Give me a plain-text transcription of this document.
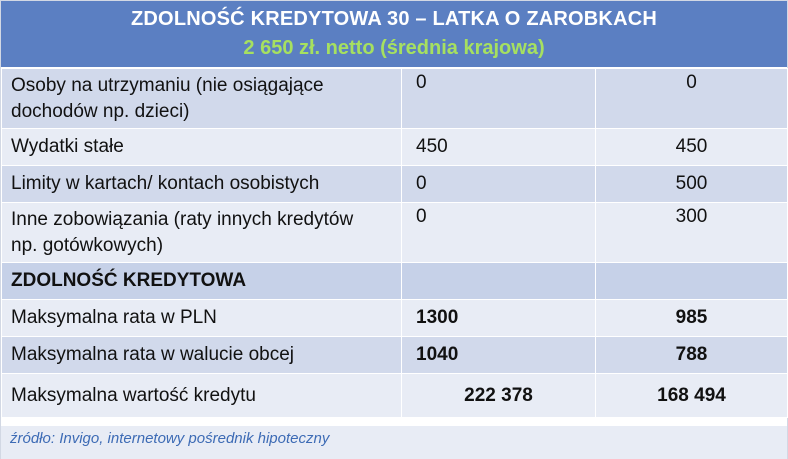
ZDOLNOŚĆ KREDYTOWA 30 – LATKA O ZAROBKACH
2 650 zł. netto (średnia krajowa)
Osoby na utrzymaniu (nie osiągające
dochodów np. dzieci)	0	0
Wydatki stałe	450	450
Limity w kartach/ kontach osobistych	0	500

Inne zobowiązania (raty innych kredytów
np. gotówkowych)	0	300
ZDOLNOŚĆ KREDYTOWA		
Maksymalna rata w PLN	1300	985
Maksymalna rata w walucie obcej	1040	788
Maksymalna wartość kredytu	222 378	168 494
źródło: Invigo, internetowy pośrednik hipoteczny
